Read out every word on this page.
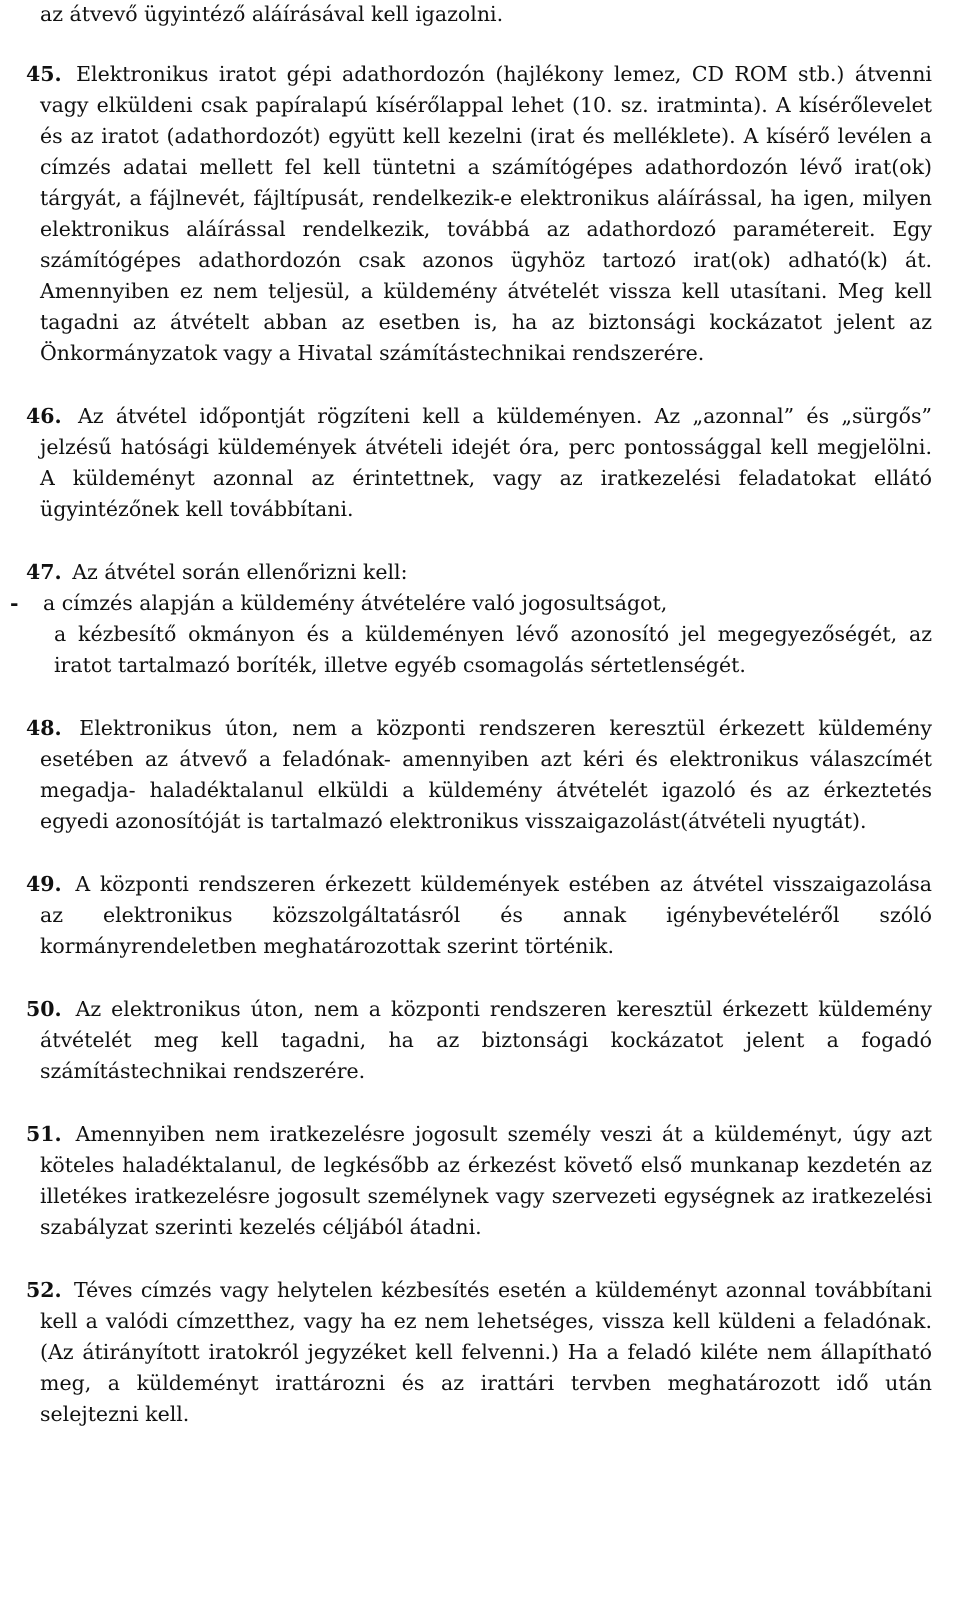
az átvevő ügyintéző aláírásával kell igazolni.

45. Elektronikus iratot gépi adathordozón (hajlékony lemez, CD ROM stb.) átvenni vagy elküldeni csak papíralapú kísérőlappal lehet (10. sz. iratminta). A kísérőlevelet és az iratot (adathordozót) együtt kell kezelni (irat és melléklete). A kísérő levélen a címzés adatai mellett fel kell tüntetni a számítógépes adathordozón lévő irat(ok) tárgyát, a fájlnevét, fájltípusát, rendelkezik-e elektronikus aláírással, ha igen, milyen elektronikus aláírással rendelkezik, továbbá az adathordozó paramétereit. Egy számítógépes adathordozón csak azonos ügyhöz tartozó irat(ok) adható(k) át. Amennyiben ez nem teljesül, a küldemény átvételét vissza kell utasítani. Meg kell tagadni az átvételt abban az esetben is, ha az biztonsági kockázatot jelent az Önkormányzatok vagy a Hivatal számítástechnikai rendszerére.

46. Az átvétel időpontját rögzíteni kell a küldeményen. Az „azonnal” és „sürgős” jelzésű hatósági küldemények átvételi idejét óra, perc pontossággal kell megjelölni. A küldeményt azonnal az érintettnek, vagy az iratkezelési feladatokat ellátó ügyintézőnek kell továbbítani.

47. Az átvétel során ellenőrizni kell:

- a címzés alapján a küldemény átvételére való jogosultságot,

a kézbesítő okmányon és a küldeményen lévő azonosító jel megegyezőségét, az iratot tartalmazó boríték, illetve egyéb csomagolás sértetlenségét.

48. Elektronikus úton, nem a központi rendszeren keresztül érkezett küldemény esetében az átvevő a feladónak- amennyiben azt kéri és elektronikus válaszcímét megadja- haladéktalanul elküldi a küldemény átvételét igazoló és az érkeztetés egyedi azonosítóját is tartalmazó elektronikus visszaigazolást(átvételi nyugtát).

49. A központi rendszeren érkezett küldemények estében az átvétel visszaigazolása az elektronikus közszolgáltatásról és annak igénybevételéről szóló kormányrendeletben meghatározottak szerint történik.

50. Az elektronikus úton, nem a központi rendszeren keresztül érkezett küldemény átvételét meg kell tagadni, ha az biztonsági kockázatot jelent a fogadó számítástechnikai rendszerére.

51. Amennyiben nem iratkezelésre jogosult személy veszi át a küldeményt, úgy azt köteles haladéktalanul, de legkésőbb az érkezést követő első munkanap kezdetén az illetékes iratkezelésre jogosult személynek vagy szervezeti egységnek az iratkezelési szabályzat szerinti kezelés céljából átadni.

52. Téves címzés vagy helytelen kézbesítés esetén a küldeményt azonnal továbbítani kell a valódi címzetthez, vagy ha ez nem lehetséges, vissza kell küldeni a feladónak. (Az átirányított iratokról jegyzéket kell felvenni.) Ha a feladó kiléte nem állapítható meg, a küldeményt irattározni és az irattári tervben meghatározott idő után selejtezni kell.
